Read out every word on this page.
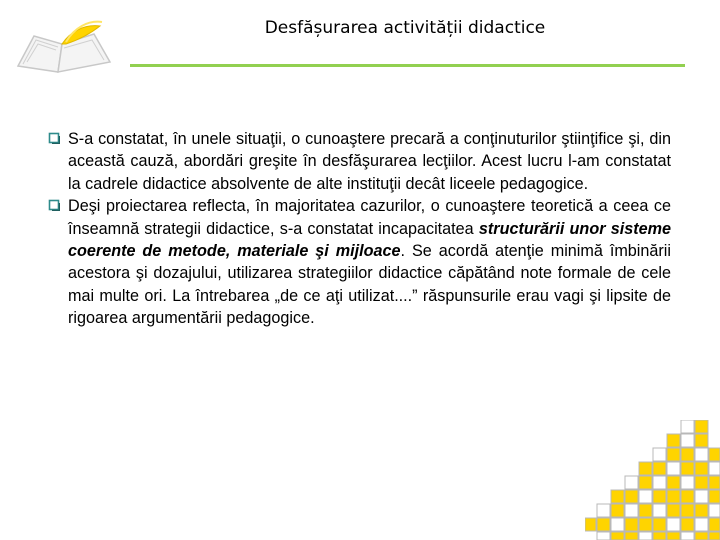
Desfășurarea activității didactice
S-a constatat, în unele situaţii, o cunoaştere precară a conţinuturilor ştiinţifice şi, din această cauză, abordări greşite în desfăşurarea lecţiilor. Acest lucru l-am constatat la cadrele didactice absolvente de alte instituţii decât liceele pedagogice.
Deşi proiectarea reflecta, în majoritatea cazurilor, o cunoaştere teoretică a ceea ce înseamnă strategii didactice, s-a constatat incapacitatea structurării unor sisteme coerente de metode, materiale şi mijloace. Se acordă atenţie minimă îmbinării acestora şi dozajului, utilizarea strategiilor didactice căpătând note formale de cele mai multe ori. La întrebarea „de ce aţi utilizat....” răspunsurile erau vagi şi lipsite de rigoarea argumentării pedagogice.
